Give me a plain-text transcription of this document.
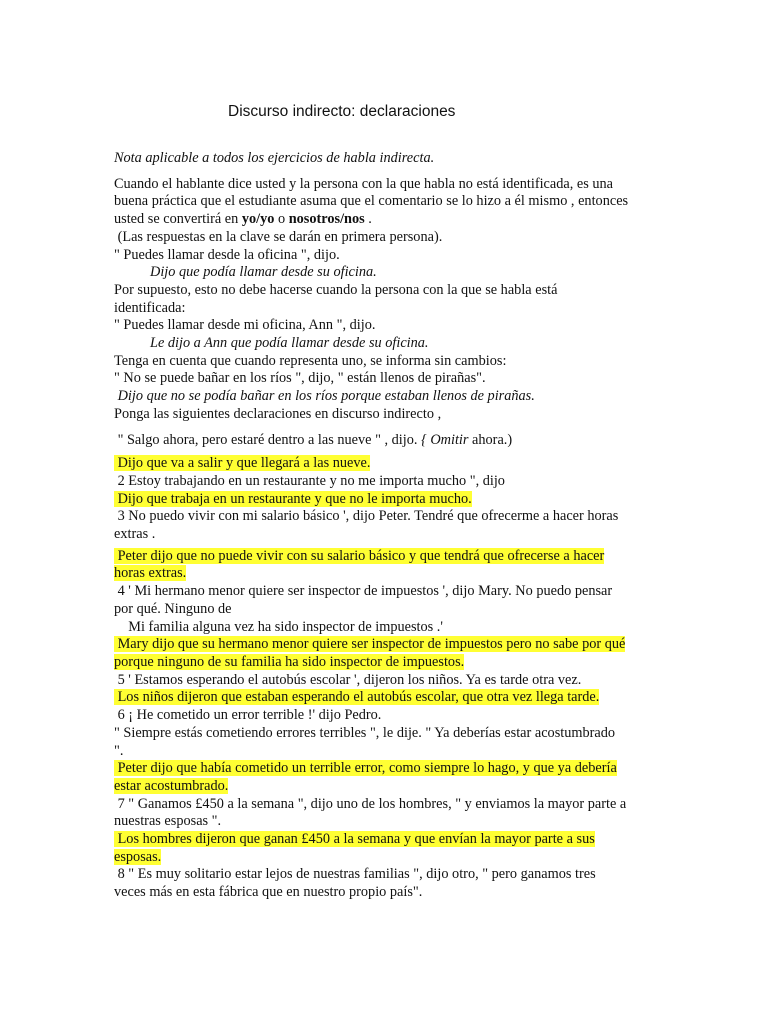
Discurso indirecto: declaraciones
Nota aplicable a todos los ejercicios de habla indirecta.
Cuando el hablante dice usted y la persona con la que habla no está identificada, es una
buena práctica que el estudiante asuma que el comentario se lo hizo a él mismo , entonces
usted se convertirá en yo/yo o nosotros/nos .
(Las respuestas en la clave se darán en primera persona).
" Puedes llamar desde la oficina ", dijo.
Dijo que podía llamar desde su oficina.
Por supuesto, esto no debe hacerse cuando la persona con la que se habla está
identificada:
" Puedes llamar desde mi oficina, Ann ", dijo.
Le dijo a Ann que podía llamar desde su oficina.
Tenga en cuenta que cuando representa uno, se informa sin cambios:
" No se puede bañar en los ríos ", dijo, " están llenos de pirañas".
Dijo que no se podía bañar en los ríos porque estaban llenos de pirañas.
Ponga las siguientes declaraciones en discurso indirecto ,
" Salgo ahora, pero estaré dentro a las nueve " , dijo. { Omitir ahora.)
Dijo que va a salir y que llegará a las nueve.
2 Estoy trabajando en un restaurante y no me importa mucho ", dijo
Dijo que trabaja en un restaurante y que no le importa mucho.
3 No puedo vivir con mi salario básico ', dijo Peter. Tendré que ofrecerme a hacer horas
extras .
Peter dijo que no puede vivir con su salario básico y que tendrá que ofrecerse a hacer
horas extras.
4 ' Mi hermano menor quiere ser inspector de impuestos ', dijo Mary. No puedo pensar
por qué. Ninguno de
Mi familia alguna vez ha sido inspector de impuestos .'
Mary dijo que su hermano menor quiere ser inspector de impuestos pero no sabe por qué
porque ninguno de su familia ha sido inspector de impuestos.
5 ' Estamos esperando el autobús escolar ', dijeron los niños. Ya es tarde otra vez.
Los niños dijeron que estaban esperando el autobús escolar, que otra vez llega tarde.
6 ¡ He cometido un error terrible !' dijo Pedro.
" Siempre estás cometiendo errores terribles ", le dije. " Ya deberías estar acostumbrado
".
Peter dijo que había cometido un terrible error, como siempre lo hago, y que ya debería
estar acostumbrado.
7 " Ganamos £450 a la semana ", dijo uno de los hombres, " y enviamos la mayor parte a
nuestras esposas ".
Los hombres dijeron que ganan £450 a la semana y que envían la mayor parte a sus
esposas.
8 " Es muy solitario estar lejos de nuestras familias ", dijo otro, " pero ganamos tres
veces más en esta fábrica que en nuestro propio país".
